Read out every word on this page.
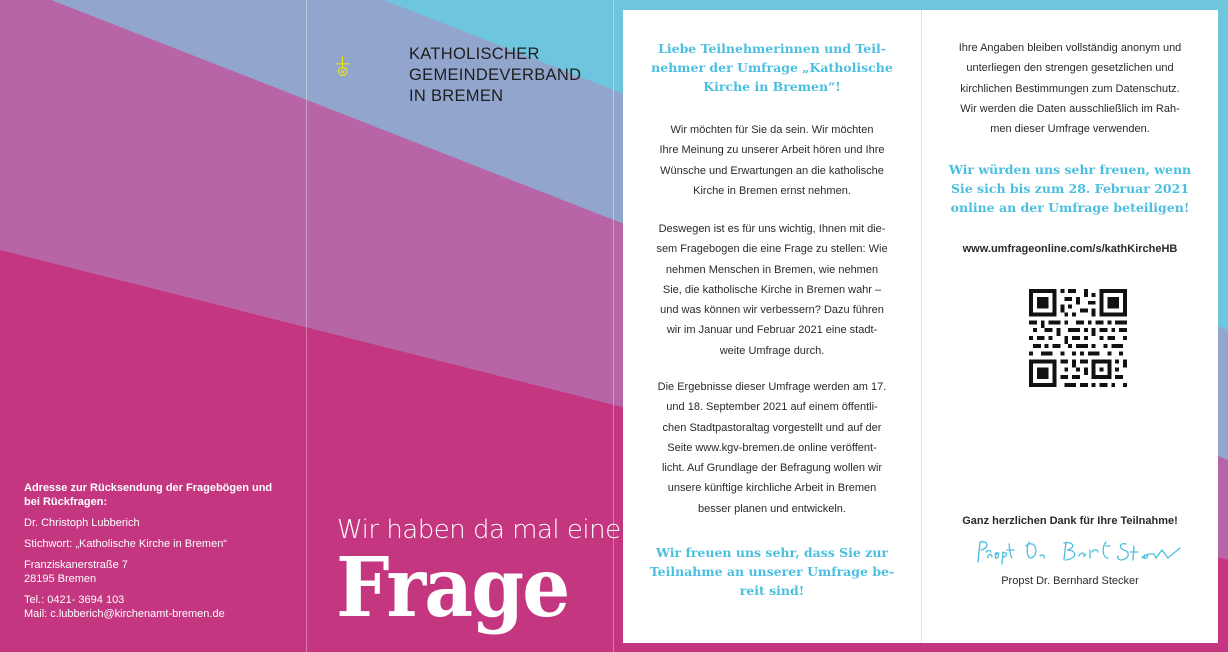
KATHOLISCHER
GEMEINDEVERBAND
IN BREMEN
Adresse zur Rücksendung der Fragebögen und
bei Rückfragen:
Dr. Christoph Lubberich
Stichwort: „Katholische Kirche in Bremen“
Franziskanerstraße 7
28195 Bremen
Tel.: 0421- 3694 103
Mail: c.lubberich@kirchenamt-bremen.de
Wir haben da mal eine
Frage
Liebe Teilnehmerinnen und Teil-
nehmer der Umfrage „Katholische
Kirche in Bremen“!
Wir möchten für Sie da sein. Wir möchten
Ihre Meinung zu unserer Arbeit hören und Ihre
Wünsche und Erwartungen an die katholische
Kirche in Bremen ernst nehmen.
Deswegen ist es für uns wichtig, Ihnen mit die-
sem Fragebogen die eine Frage zu stellen: Wie
nehmen Menschen in Bremen, wie nehmen
Sie, die katholische Kirche in Bremen wahr –
und was können wir verbessern? Dazu führen
wir im Januar und Februar 2021 eine stadt-
weite Umfrage durch.
Die Ergebnisse dieser Umfrage werden am 17.
und 18. September 2021 auf einem öffentli-
chen Stadtpastoraltag vorgestellt und auf der
Seite www.kgv-bremen.de online veröffent-
licht. Auf Grundlage der Befragung wollen wir
unsere künftige kirchliche Arbeit in Bremen
besser planen und entwickeln.
Wir freuen uns sehr, dass Sie zur
Teilnahme an unserer Umfrage be-
reit sind!
Ihre Angaben bleiben vollständig anonym und
unterliegen den strengen gesetzlichen und
kirchlichen Bestimmungen zum Datenschutz.
Wir werden die Daten ausschließlich im Rah-
men dieser Umfrage verwenden.
Wir würden uns sehr freuen, wenn
Sie sich bis zum 28. Februar 2021
online an der Umfrage beteiligen!
www.umfrageonline.com/s/kathKircheHB
Ganz herzlichen Dank für Ihre Teilnahme!
Propst Dr. Bernhard Stecker
